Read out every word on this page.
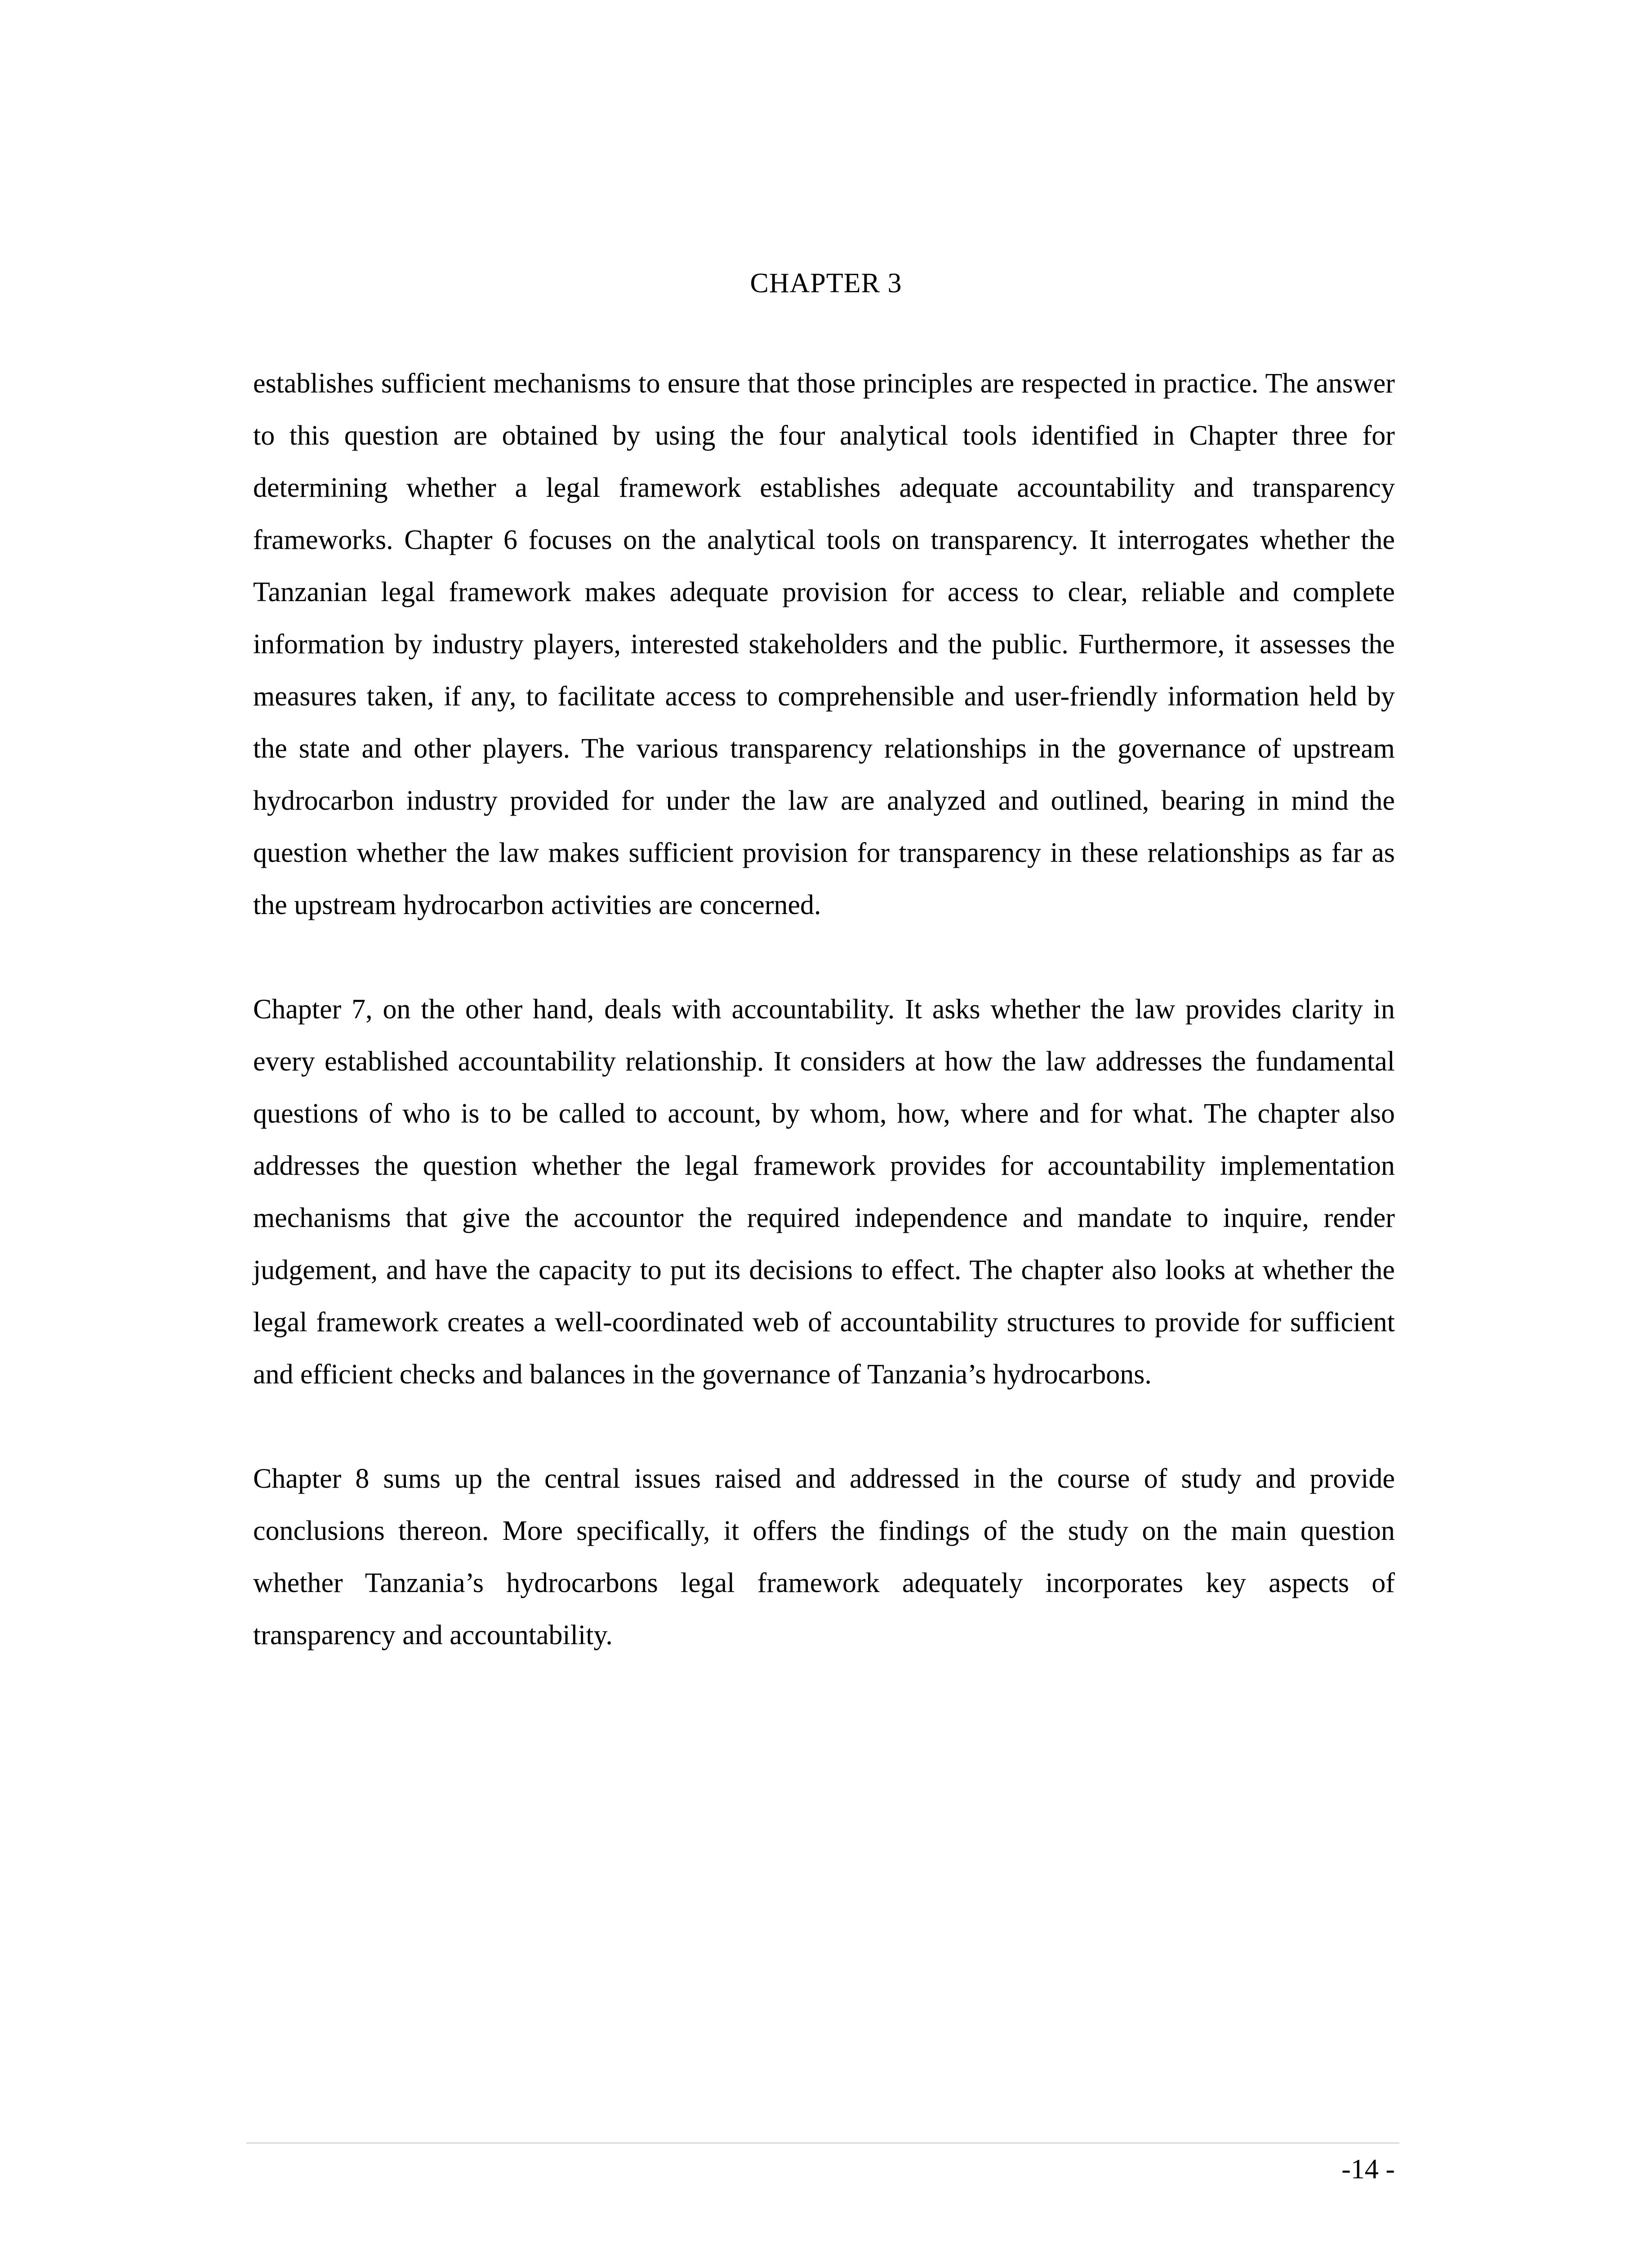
CHAPTER 3

establishes sufficient mechanisms to ensure that those principles are respected in practice. The answer to this question are obtained by using the four analytical tools identified in Chapter three for determining whether a legal framework establishes adequate accountability and transparency frameworks. Chapter 6 focuses on the analytical tools on transparency. It interrogates whether the Tanzanian legal framework makes adequate provision for access to clear, reliable and complete information by industry players, interested stakeholders and the public. Furthermore, it assesses the measures taken, if any, to facilitate access to comprehensible and user-friendly information held by the state and other players. The various transparency relationships in the governance of upstream hydrocarbon industry provided for under the law are analyzed and outlined, bearing in mind the question whether the law makes sufficient provision for transparency in these relationships as far as the upstream hydrocarbon activities are concerned.

Chapter 7, on the other hand, deals with accountability. It asks whether the law provides clarity in every established accountability relationship. It considers at how the law addresses the fundamental questions of who is to be called to account, by whom, how, where and for what. The chapter also addresses the question whether the legal framework provides for accountability implementation mechanisms that give the accountor the required independence and mandate to inquire, render judgement, and have the capacity to put its decisions to effect. The chapter also looks at whether the legal framework creates a well-coordinated web of accountability structures to provide for sufficient and efficient checks and balances in the governance of Tanzania’s hydrocarbons.

Chapter 8 sums up the central issues raised and addressed in the course of study and provide conclusions thereon. More specifically, it offers the findings of the study on the main question whether Tanzania’s hydrocarbons legal framework adequately incorporates key aspects of transparency and accountability.

-14 -
